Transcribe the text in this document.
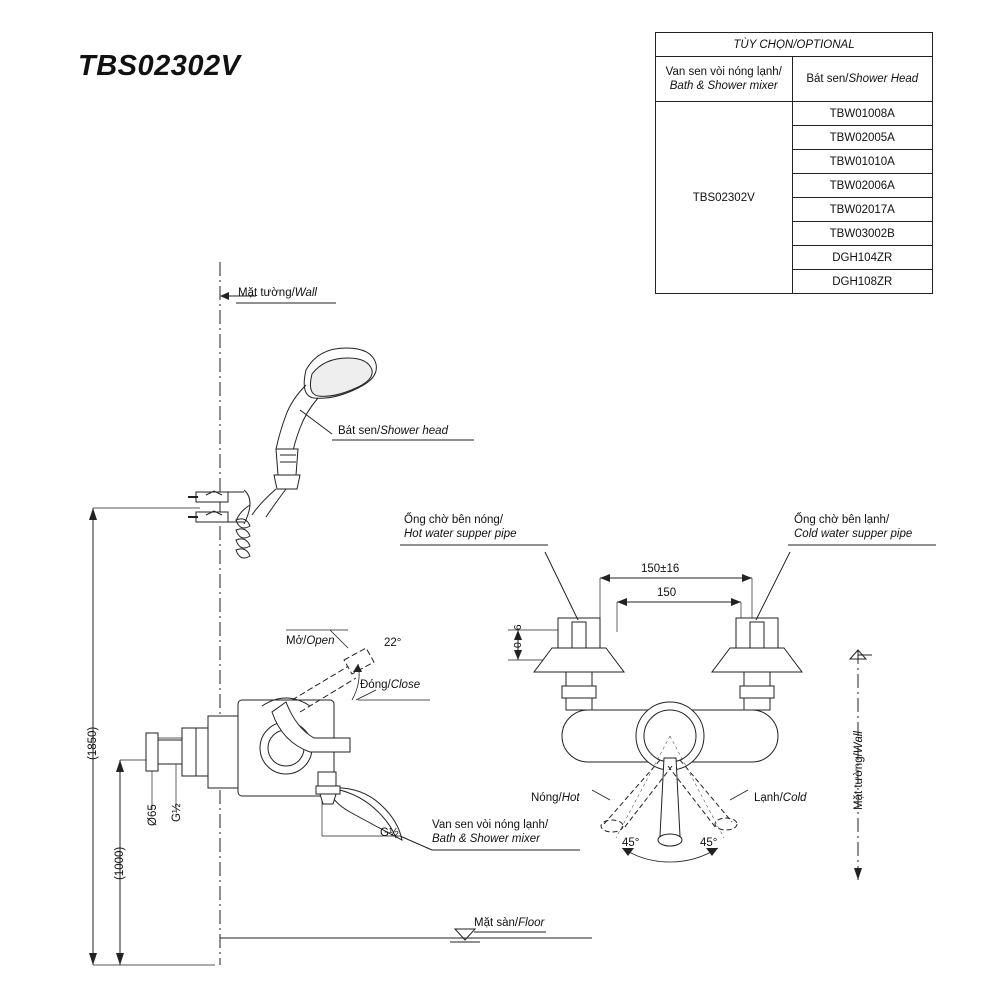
TBS02302V
TÙY CHỌN/OPTIONAL	
Van sen vòi nóng lạnh/
Bath & Shower mixer	Bát sen/Shower Head
TBS02302V	TBW01008A
	TBW02005A
	TBW01010A
	TBW02006A
	TBW02017A
	TBW03002B
	DGH104ZR
	DGH108ZR
Mặt tường/Wall
Bát sen/Shower head
Mở/Open
Đóng/Close
Van sen vòi nóng lạnh/
Bath & Shower mixer
Mặt sàn/Floor
Ống chờ bên nóng/
Hot water supper pipe
Ống chờ bên lạnh/
Cold water supper pipe
Nóng/Hot	Lạnh/Cold	Mặt tường/Wall
(1850)
(1000)
Ø65 G½
G½
22°
150±16
150
0 ~ 6
45°	45°
